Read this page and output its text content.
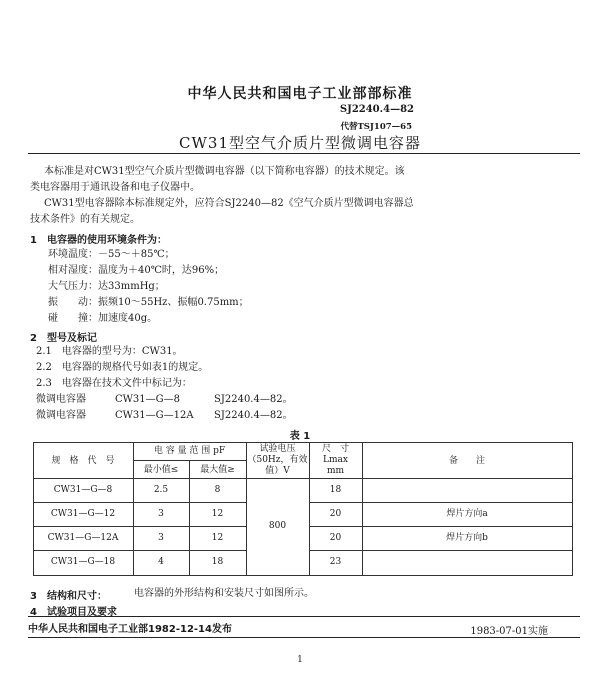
中华人民共和国电子工业部部标准
SJ2240.4—82
代替TSJ107—65
CW31型空气介质片型微调电容器
本标准是对CW31型空气介质片型微调电容器（以下简称电容器）的技术规定。该
类电容器用于通讯设备和电子仪器中。
CW31型电容器除本标准规定外，应符合SJ2240—82《空气介质片型微调电容器总
技术条件》的有关规定。
1　电容器的使用环境条件为：
环境温度：－55～＋85℃；
相对湿度：温度为＋40℃时，达96%；
大气压力：达33mmHg；
振　　动：振频10～55Hz、振幅0.75mm；
碰　　撞：加速度40g。
2　型号及标记
2.1　电容器的型号为：CW31。
2.2　电容器的规格代号如表1的规定。
2.3　电容器在技术文件中标记为：
微调电容器	CW31—G—8	SJ2240.4—82。
微调电容器	CW31—G—12A SJ2240.4—82。
表 1
规　格　代　号
电 容 量 范 围 pF
最小值≤	最大值≥
试验电压
（50Hz，有效
值）V
尺　寸
Lmax
mm
备　　注
CW31—G—8	2.5	8	18
CW31—G—12	3	12	20	焊片方向a
CW31—G—12A	3	12	20	焊片方向b
CW31—G—18	4	18	23
800
3　结构和尺寸：	电容器的外形结构和安装尺寸如图所示。
4　试验项目及要求
中华人民共和国电子工业部1982-12-14发布	1983-07-01实施
1
